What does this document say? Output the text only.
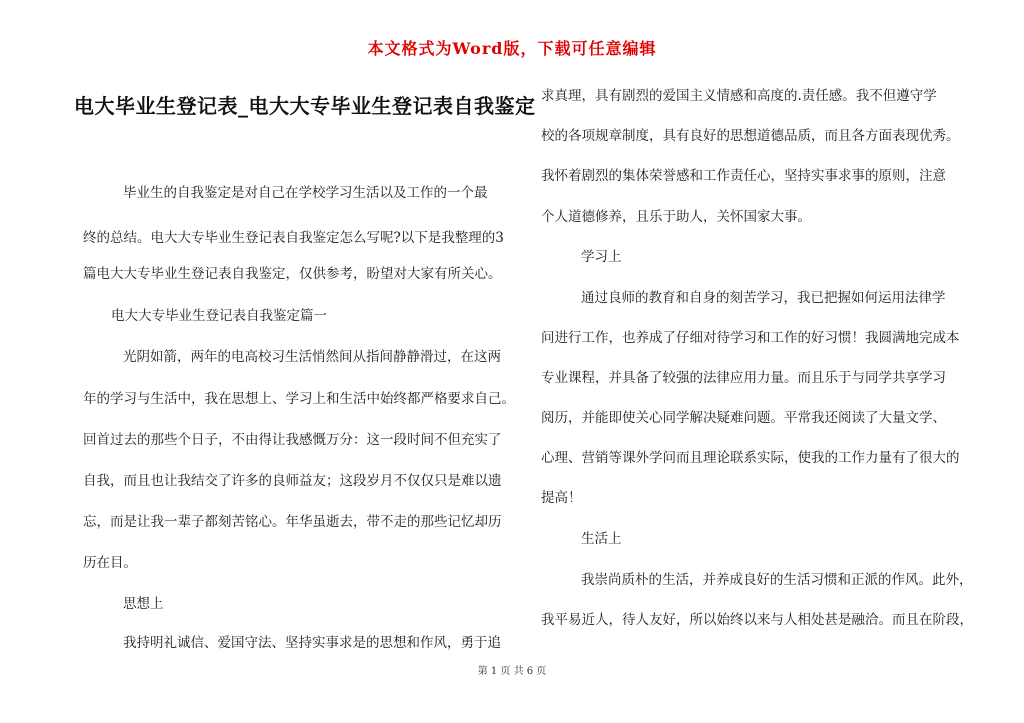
本文格式为Word版，下载可任意编辑
电大毕业生登记表_电大大专毕业生登记表自我鉴定
毕业生的自我鉴定是对自己在学校学习生活以及工作的一个最
终的总结。电大大专毕业生登记表自我鉴定怎么写呢?以下是我整理的3
篇电大大专毕业生登记表自我鉴定，仅供参考，盼望对大家有所关心。
电大大专毕业生登记表自我鉴定篇一
光阴如箭，两年的电高校习生活悄然间从指间静静滑过，在这两
年的学习与生活中，我在思想上、学习上和生活中始终都严格要求自己。
回首过去的那些个日子，不由得让我感慨万分：这一段时间不但充实了
自我，而且也让我结交了许多的良师益友；这段岁月不仅仅只是难以遗
忘，而是让我一辈子都刻苦铭心。年华虽逝去，带不走的那些记忆却历
历在目。
思想上
我持明礼诚信、爱国守法、坚持实事求是的思想和作风，勇于追
求真理，具有剧烈的爱国主义情感和高度的.责任感。我不但遵守学
校的各项规章制度，具有良好的思想道德品质，而且各方面表现优秀。
我怀着剧烈的集体荣誉感和工作责任心，坚持实事求事的原则，注意
个人道德修养，且乐于助人，关怀国家大事。
学习上
通过良师的教育和自身的刻苦学习，我已把握如何运用法律学
问进行工作，也养成了仔细对待学习和工作的好习惯！我圆满地完成本
专业课程，并具备了较强的法律应用力量。而且乐于与同学共享学习
阅历，并能即使关心同学解决疑难问题。平常我还阅读了大量文学、
心理、营销等课外学问而且理论联系实际，使我的工作力量有了很大的
提高！
生活上
我崇尚质朴的生活，并养成良好的生活习惯和正派的作风。此外，
我平易近人，待人友好，所以始终以来与人相处甚是融洽。而且在阶段，
第 1 页 共 6 页
